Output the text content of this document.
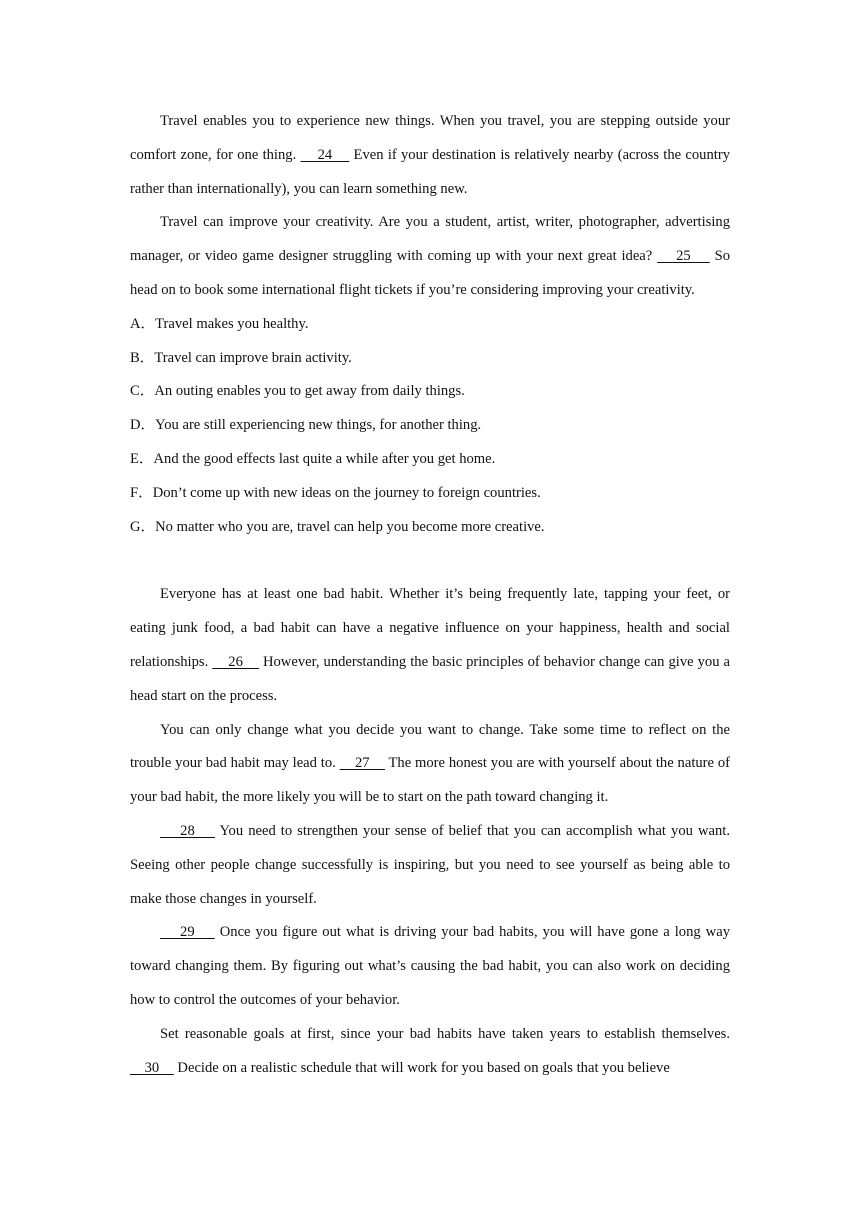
Travel enables you to experience new things. When you travel, you are stepping outside your comfort zone, for one thing.     24     Even if your destination is relatively nearby (across the country rather than internationally), you can learn something new.

Travel can improve your creativity. Are you a student, artist, writer, photographer, advertising manager, or video game designer struggling with coming up with your next great idea?     25     So head on to book some international flight tickets if you’re considering improving your creativity.

A．Travel makes you healthy.

B．Travel can improve brain activity.

C．An outing enables you to get away from daily things.

D．You are still experiencing new things, for another thing.

E．And the good effects last quite a while after you get home.

F．Don’t come up with new ideas on the journey to foreign countries.

G．No matter who you are, travel can help you become more creative.

Everyone has at least one bad habit. Whether it’s being frequently late, tapping your feet, or eating junk food, a bad habit can have a negative influence on your happiness, health and social relationships.     26     However, understanding the basic principles of behavior change can give you a head start on the process.

You can only change what you decide you want to change. Take some time to reflect on the trouble your bad habit may lead to.     27     The more honest you are with yourself about the nature of your bad habit, the more likely you will be to start on the path toward changing it.

28     You need to strengthen your sense of belief that you can accomplish what you want. Seeing other people change successfully is inspiring, but you need to see yourself as being able to make those changes in yourself.

29     Once you figure out what is driving your bad habits, you will have gone a long way toward changing them. By figuring out what’s causing the bad habit, you can also work on deciding how to control the outcomes of your behavior.

Set reasonable goals at first, since your bad habits have taken years to establish themselves.     30     Decide on a realistic schedule that will work for you based on goals that you believe
